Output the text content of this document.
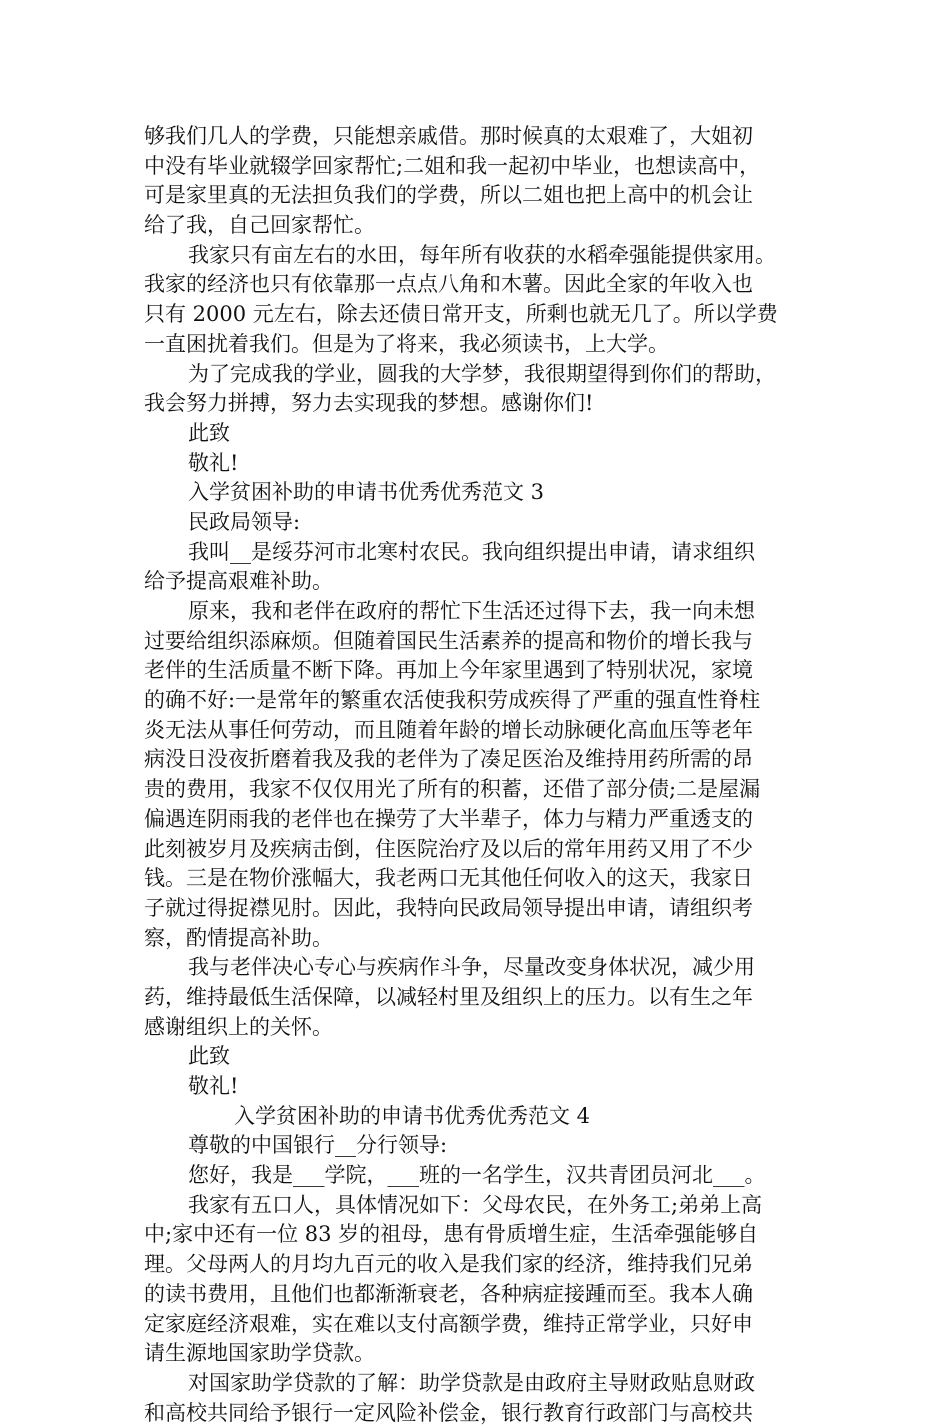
够我们几人的学费，只能想亲戚借。那时候真的太艰难了，大姐初
中没有毕业就辍学回家帮忙;二姐和我一起初中毕业，也想读高中，
可是家里真的无法担负我们的学费，所以二姐也把上高中的机会让
给了我，自己回家帮忙。
我家只有亩左右的水田，每年所有收获的水稻牵强能提供家用。
我家的经济也只有依靠那一点点八角和木薯。因此全家的年收入也
只有 2000 元左右，除去还债日常开支，所剩也就无几了。所以学费
一直困扰着我们。但是为了将来，我必须读书，上大学。
为了完成我的学业，圆我的大学梦，我很期望得到你们的帮助，
我会努力拼搏，努力去实现我的梦想。感谢你们!
此致
敬礼!
入学贫困补助的申请书优秀优秀范文 3
民政局领导:
我叫__是绥芬河市北寒村农民。我向组织提出申请，请求组织
给予提高艰难补助。
原来，我和老伴在政府的帮忙下生活还过得下去，我一向未想
过要给组织添麻烦。但随着国民生活素养的提高和物价的增长我与
老伴的生活质量不断下降。再加上今年家里遇到了特别状况，家境
的确不好:一是常年的繁重农活使我积劳成疾得了严重的强直性脊柱
炎无法从事任何劳动，而且随着年龄的增长动脉硬化高血压等老年
病没日没夜折磨着我及我的老伴为了凑足医治及维持用药所需的昂
贵的费用，我家不仅仅用光了所有的积蓄，还借了部分债;二是屋漏
偏遇连阴雨我的老伴也在操劳了大半辈子，体力与精力严重透支的
此刻被岁月及疾病击倒，住医院治疗及以后的常年用药又用了不少
钱。三是在物价涨幅大，我老两口无其他任何收入的这天，我家日
子就过得捉襟见肘。因此，我特向民政局领导提出申请，请组织考
察，酌情提高补助。
我与老伴决心专心与疾病作斗争，尽量改变身体状况，减少用
药，维持最低生活保障，以减轻村里及组织上的压力。以有生之年
感谢组织上的关怀。
此致
敬礼!
入学贫困补助的申请书优秀优秀范文 4
尊敬的中国银行__分行领导:
您好，我是___学院，___班的一名学生，汉共青团员河北___。
我家有五口人，具体情况如下：父母农民，在外务工;弟弟上高
中;家中还有一位 83 岁的祖母，患有骨质增生症，生活牵强能够自
理。父母两人的月均九百元的收入是我们家的经济，维持我们兄弟
的读书费用，且他们也都渐渐衰老，各种病症接踵而至。我本人确
定家庭经济艰难，实在难以支付高额学费，维持正常学业，只好申
请生源地国家助学贷款。
对国家助学贷款的了解：助学贷款是由政府主导财政贴息财政
和高校共同给予银行一定风险补偿金，银行教育行政部门与高校共
